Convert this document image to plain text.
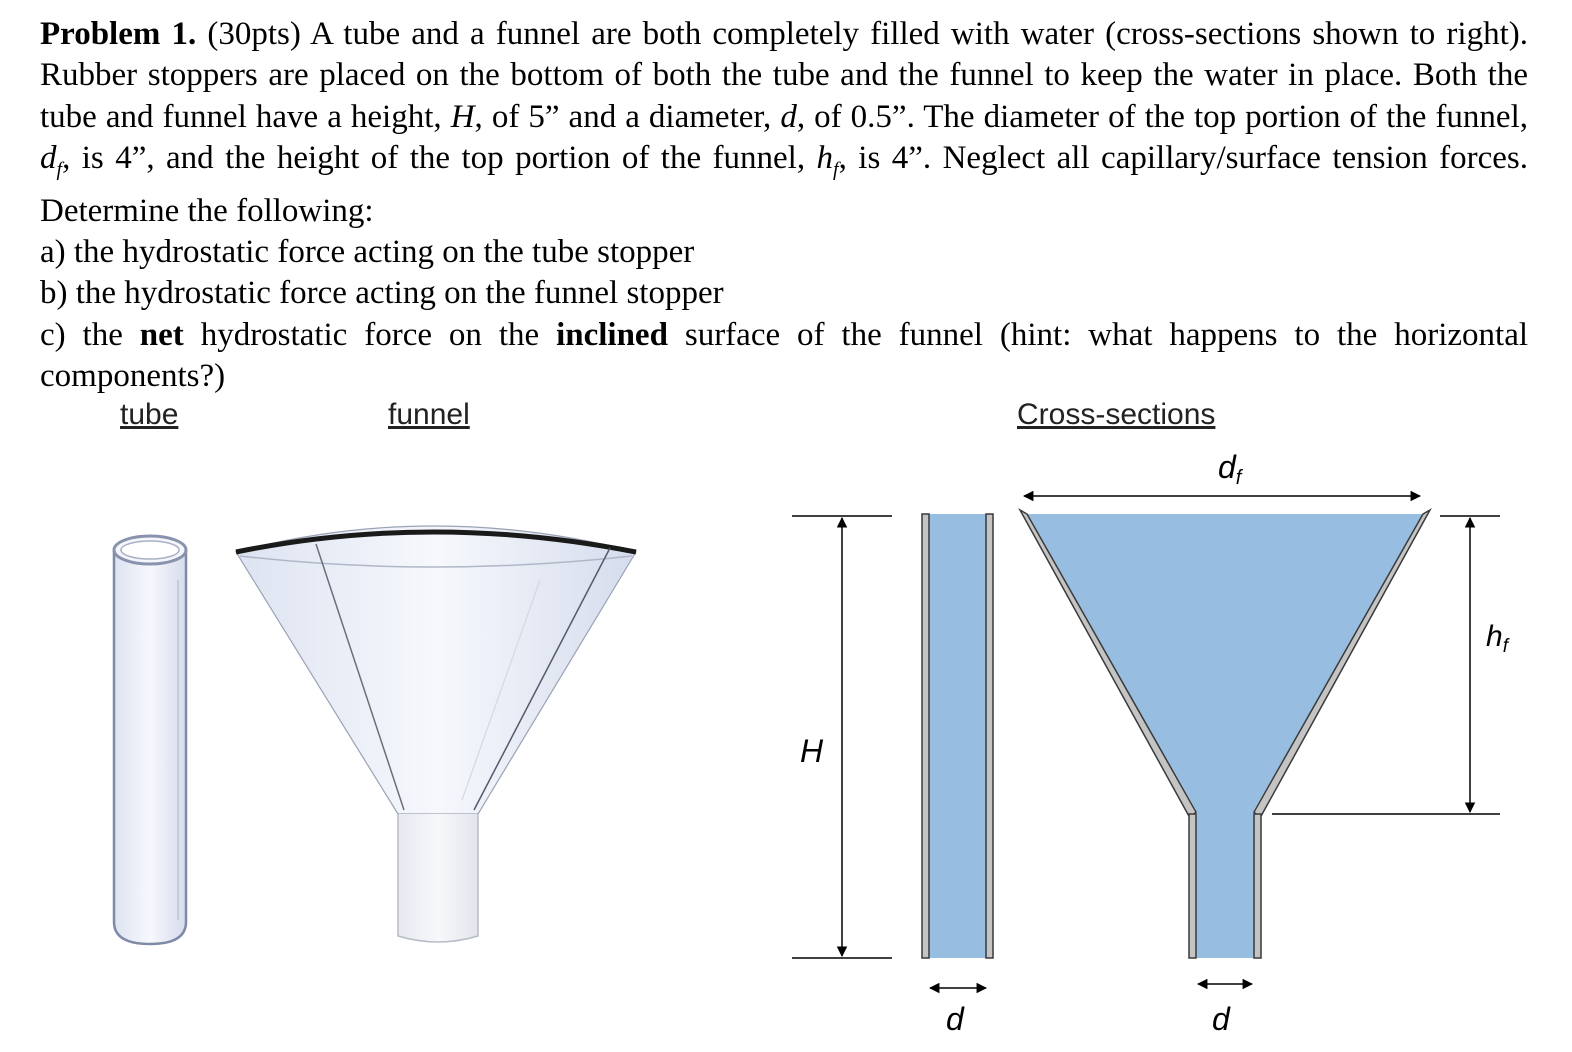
Problem 1. (30pts) A tube and a funnel are both completely filled with water (cross-sections shown to right). Rubber stoppers are placed on the bottom of both the tube and the funnel to keep the water in place. Both the tube and funnel have a height, H, of 5” and a diameter, d, of 0.5”. The diameter of the top portion of the funnel, $d_f$, is 4”, and the height of the top portion of the funnel, $h_f$, is 4”. Neglect all capillary/surface tension forces. Determine the following:

a) the hydrostatic force acting on the tube stopper
b) the hydrostatic force acting on the funnel stopper

c) the net hydrostatic force on the inclined surface of the funnel (hint: what happens to the horizontal components?)

tube	funnel	Cross-sections
H
d	d
df
$h_f$
